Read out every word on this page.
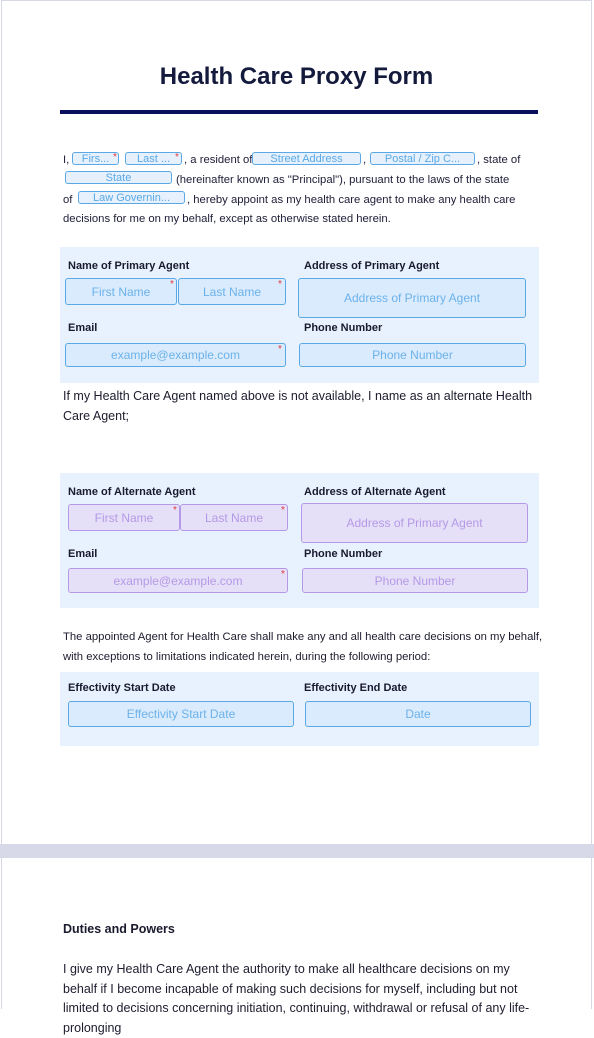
Health Care Proxy Form
I,	Firs... *	Last ... * , a resident of	Street Address	,	Postal / Zip C...	, state of
State	(hereinafter known as "Principal"), pursuant to the laws of the state
of	Law Governin...	, hereby appoint as my health care agent to make any health care
decisions for me on my behalf, except as otherwise stated herein.
Name of Primary Agent
First Name	*	Last Name	*
Address of Primary Agent
Address of Primary Agent
Email
example@example.com	*
Phone Number
Phone Number
If my Health Care Agent named above is not available, I name as an alternate Health Care Agent;
Name of Alternate Agent
First Name	*	Last Name	*
Address of Alternate Agent
Address of Primary Agent
Email
example@example.com	*
Phone Number
Phone Number
The appointed Agent for Health Care shall make any and all health care decisions on my behalf, with exceptions to limitations indicated herein, during the following period:
Effectivity Start Date
Effectivity Start Date
Effectivity End Date
Date
Duties and Powers
I give my Health Care Agent the authority to make all healthcare decisions on my behalf if I become incapable of making such decisions for myself, including but not limited to decisions concerning initiation, continuing, withdrawal or refusal of any life-prolonging
